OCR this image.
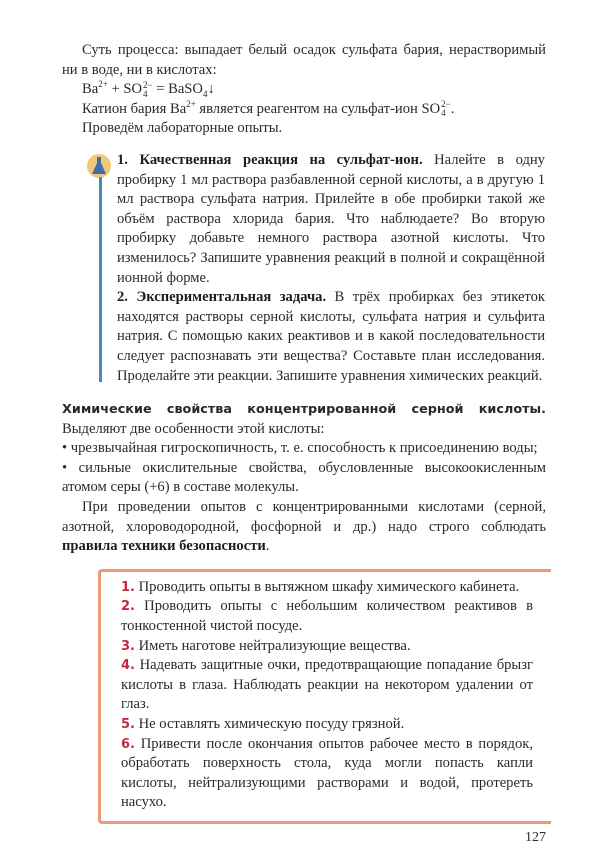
Суть процесса: выпадает белый осадок сульфата бария, нерастворимый ни в воде, ни в кислотах:

$Ba^{2+} + SO2-$
4 = BaSO$_4$↓

Катион бария $Ba^{2+}$ является реагентом на сульфат-ион SO2−
4 .

Проведём лабораторные опыты.

1. Качественная реакция на сульфат-ион. Налейте в одну пробирку 1 мл раствора разбавленной серной кислоты, а в другую 1 мл раствора сульфата натрия. Прилейте в обе пробирки такой же объём раствора хлорида бария. Что наблюдаете? Во вторую пробирку добавьте немного раствора азотной кислоты. Что изменилось? Запишите уравнения реакций в полной и сокращённой ионной форме.

2. Экспериментальная задача. В трёх пробирках без этикеток находятся растворы серной кислоты, сульфата натрия и сульфита натрия. С помощью каких реактивов и в какой последовательности следует распознавать эти вещества? Составьте план исследования. Проделайте эти реакции. Запишите уравнения химических реакций.

Химические свойства концентрированной серной кислоты. Выделяют две особенности этой кислоты:

• чрезвычайная гигроскопичность, т. е. способность к присоединению воды;

• сильные окислительные свойства, обусловленные высокоокисленным атомом серы (+6) в составе молекулы.

При проведении опытов с концентрированными кислотами (серной, азотной, хлороводородной, фосфорной и др.) надо строго соблюдать правила техники безопасности.

1. Проводить опыты в вытяжном шкафу химического кабинета.

2. Проводить опыты с небольшим количеством реактивов в тонкостенной чистой посуде.

3. Иметь наготове нейтрализующие вещества.

4. Надевать защитные очки, предотвращающие попадание брызг кислоты в глаза. Наблюдать реакции на некотором удалении от глаз.

5. Не оставлять химическую посуду грязной.

6. Привести после окончания опытов рабочее место в порядок, обработать поверхность стола, куда могли попасть капли кислоты, нейтрализующими растворами и водой, протереть насухо.

127
